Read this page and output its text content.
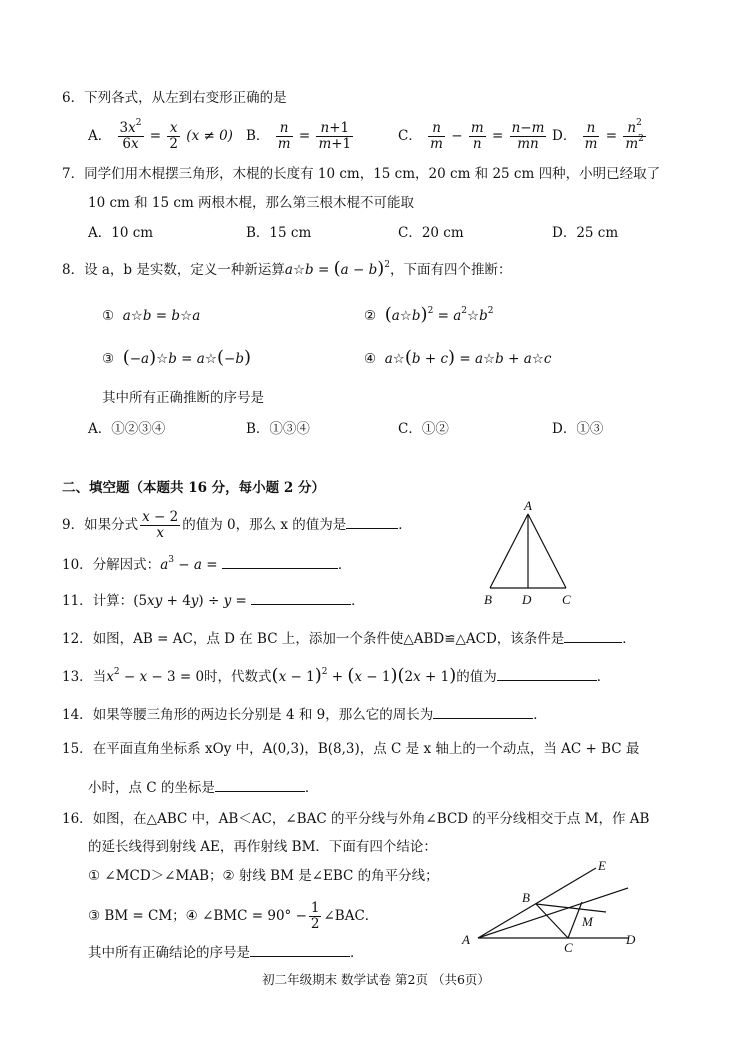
6．下列各式，从左到右变形正确的是
A． $\frac{3x^2}{6x} = \frac{x}{2} (x \ne 0)$ B． $\frac{n}{m} = \frac{n+1}{m+1}$	C． $\frac{n}{m} - \frac{m}{n} = \frac{n-m}{mn}$ D． $\frac{n}{m} = \frac{n^2}{m^2}$
7．同学们用木棍摆三角形，木棍的长度有 10 cm，15 cm，20 cm 和 25 cm 四种，小明已经取了
10 cm 和 15 cm 两根木棍，那么第三根木棍不可能取
A．10 cm	B．15 cm	C．20 cm	D．25 cm
8．设 a，b 是实数，定义一种新运算a☆b = $(a - b)^2$，下面有四个推断：
①  a☆b = b☆a	②  (a☆b)$^2$ = $a^2☆b^2$
③  (−a)☆b = a☆(−b)	④  a☆(b + c) = a☆b + a☆c
其中所有正确推断的序号是
A．①②③④	B．①③④	C．①②	D．①③
二、填空题（本题共 16 分，每小题 2 分）
9．如果分式 $\frac{x - 2}{x}$ 的值为 0，那么 x 的值为是	．
10．分解因式：$a^3 - a$ =	．
11．计算：(5xy + 4y) ÷ y =	．
A
B D C
12．如图，AB = AC，点 D 在 BC 上，添加一个条件使△ABD≌△ACD，该条件是	．
13．当$x^2 - x - 3 = 0$时，代数式$(x - 1)^2 + (x - 1)(2x + 1)$的值为	．
14．如果等腰三角形的两边长分别是 4 和 9，那么它的周长为	．
15．在平面直角坐标系 xOy 中，A(0,3)，B(8,3)，点 C 是 x 轴上的一个动点，当 AC + BC 最
小时，点 C 的坐标是	．
16．如图，在△ABC 中，AB＜AC，∠BAC 的平分线与外角∠BCD 的平分线相交于点 M，作 AB
的延长线得到射线 AE，再作射线 BM．下面有四个结论：
① ∠MCD＞∠MAB；② 射线 BM 是∠EBC 的角平分线；
③ BM = CM；④ ∠BMC = $90^\circ - \frac{1}{2}$ ∠BAC．
其中所有正确结论的序号是	．
A
B
C
D
E
M
初二年级期末 数学试卷 第2页 （共6页）
